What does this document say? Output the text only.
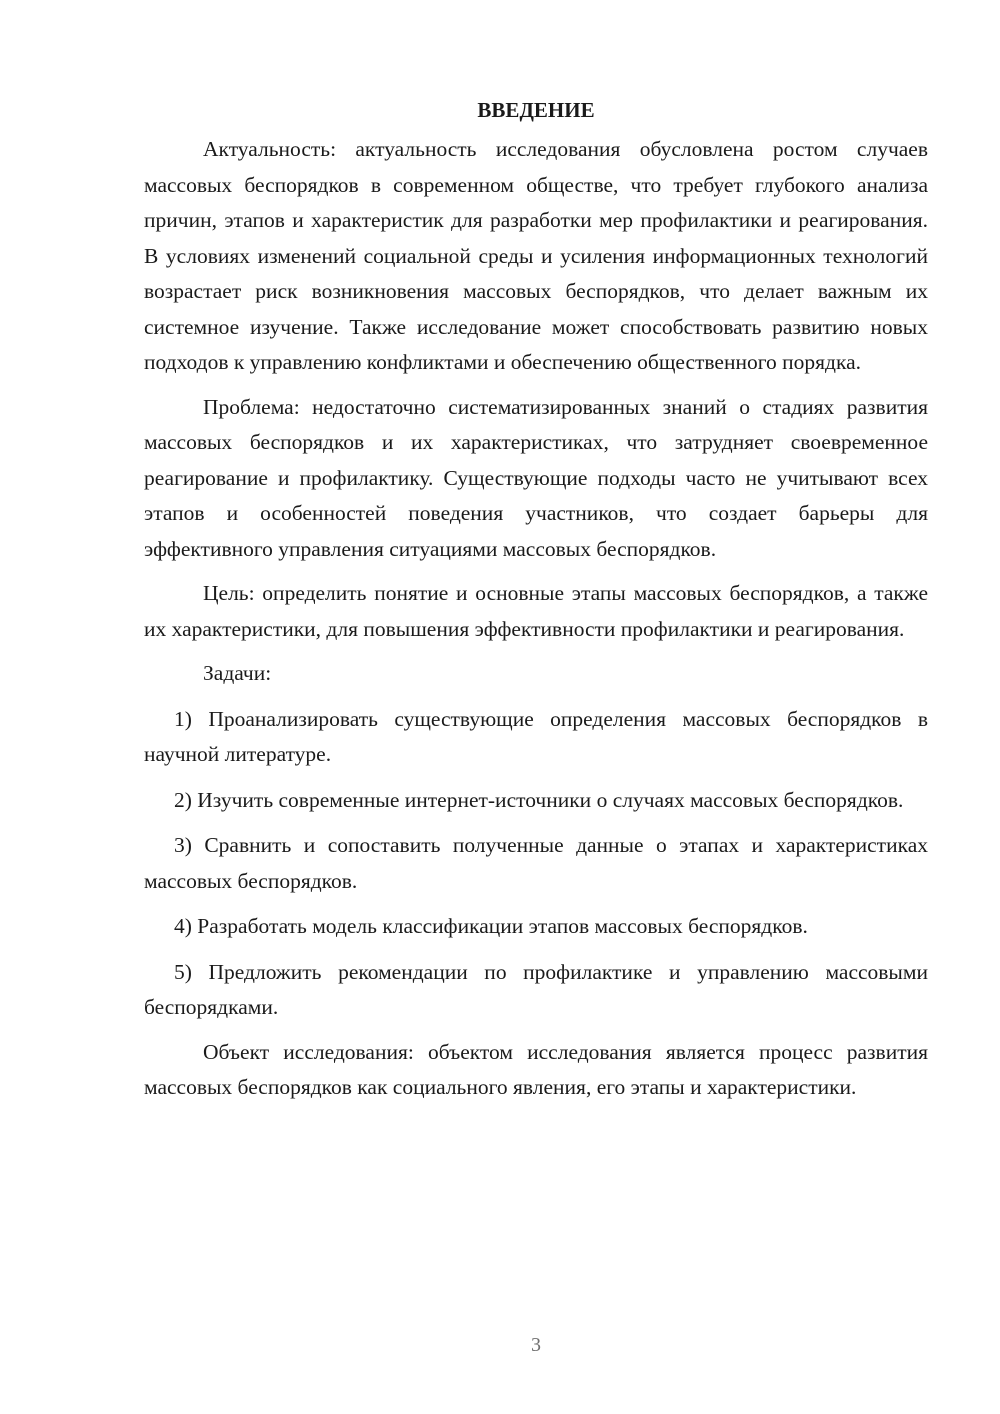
ВВЕДЕНИЕ

Актуальность: актуальность исследования обусловлена ростом случаев массовых беспорядков в современном обществе, что требует глубокого анализа причин, этапов и характеристик для разработки мер профилактики и реагирования. В условиях изменений социальной среды и усиления информационных технологий возрастает риск возникновения массовых беспорядков, что делает важным их системное изучение. Также исследование может способствовать развитию новых подходов к управлению конфликтами и обеспечению общественного порядка.

Проблема: недостаточно систематизированных знаний о стадиях развития массовых беспорядков и их характеристиках, что затрудняет своевременное реагирование и профилактику. Существующие подходы часто не учитывают всех этапов и особенностей поведения участников, что создает барьеры для эффективного управления ситуациями массовых беспорядков.

Цель: определить понятие и основные этапы массовых беспорядков, а также их характеристики, для повышения эффективности профилактики и реагирования.

Задачи:

1) Проанализировать существующие определения массовых беспорядков в научной литературе.

2) Изучить современные интернет-источники о случаях массовых беспорядков.

3) Сравнить и сопоставить полученные данные о этапах и характеристиках массовых беспорядков.

4) Разработать модель классификации этапов массовых беспорядков.

5) Предложить рекомендации по профилактике и управлению массовыми беспорядками.

Объект исследования: объектом исследования является процесс развития массовых беспорядков как социального явления, его этапы и характеристики.

3
